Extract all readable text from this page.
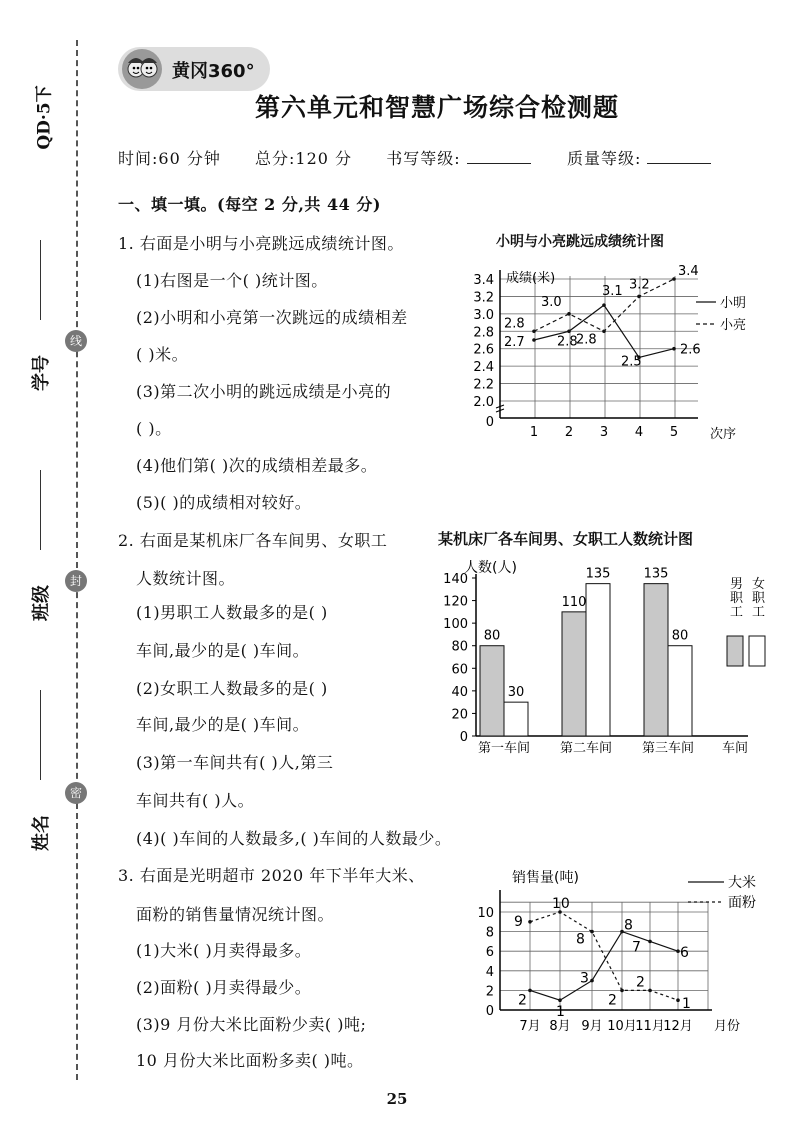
QD·5下
学号
班级
姓名
线
封
密
黄冈360°
第六单元和智慧广场综合检测题
时间:60 分钟 总分:120 分 书写等级:	质量等级:
一、填一填。(每空 2 分,共 44 分)
1. 右面是小明与小亮跳远成绩统计图。
(1)右图是一个( )统计图。
(2)小明和小亮第一次跳远的成绩相差
( )米。
(3)第二次小明的跳远成绩是小亮的
( )。
(4)他们第( )次的成绩相差最多。
(5)( )的成绩相对较好。
小明与小亮跳远成绩统计图
0
2.0
2.2
2.4
2.6
2.8
3.0
3.2
3.4
1 2 3 4 5
成绩(米)
次序
2.7 2.8
3.1
2.5
2.6
2.8
3.0
2.8
3.2
3.4
小明
小亮
2. 右面是某机床厂各车间男、女职工
人数统计图。
(1)男职工人数最多的是( )
车间,最少的是( )车间。
(2)女职工人数最多的是( )
车间,最少的是( )车间。
(3)第一车间共有( )人,第三
车间共有( )人。
(4)( )车间的人数最多,( )车间的人数最少。
某机床厂各车间男、女职工人数统计图
0
20
40
60
80
100
120
140
人数(人)
80
30
第一车间
110
135
第二车间
135
80
第三车间 车间
男
职
工
女
职
工
3. 右面是光明超市 2020 年下半年大米、
面粉的销售量情况统计图。
(1)大米( )月卖得最多。
(2)面粉( )月卖得最少。
(3)9 月份大米比面粉少卖( )吨;
10 月份大米比面粉多卖( )吨。
0
2
4
6
8
10
销售量(吨)
7月 8月 9月 10月
11月
12月 月份
2
1
3
8
7	6
9
10
8
2
2
1
大米
面粉
25
